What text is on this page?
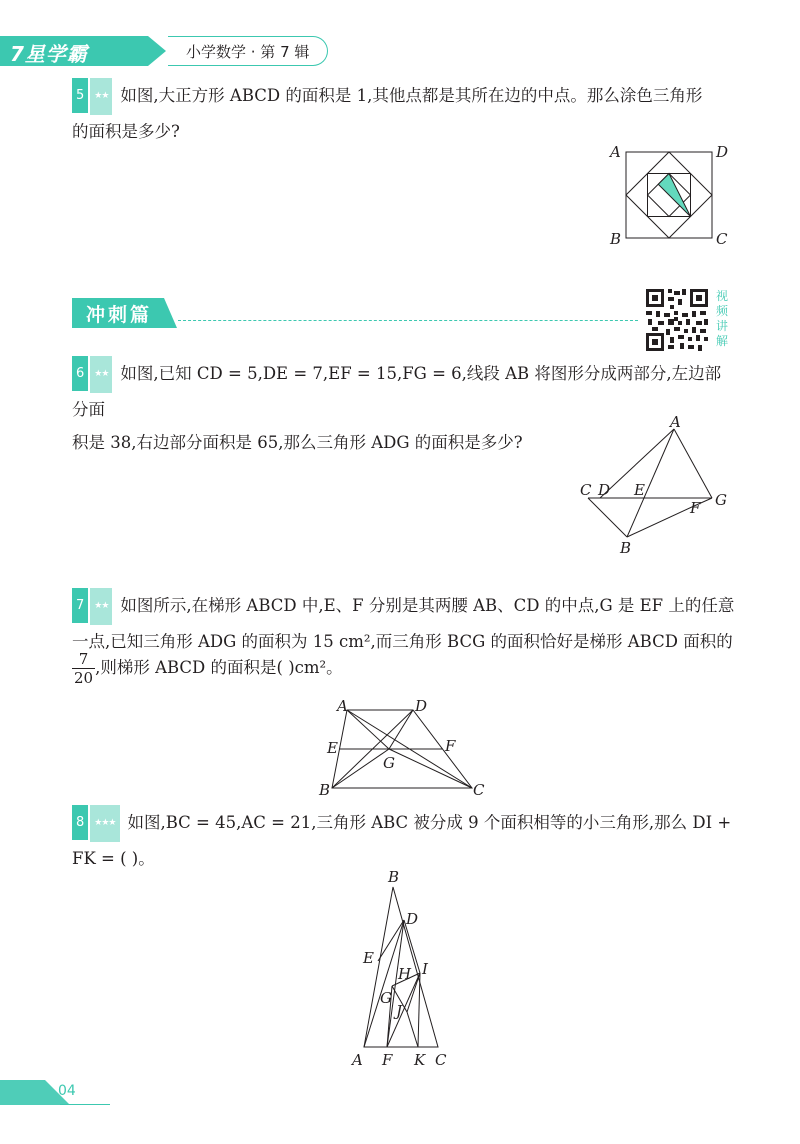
7星学霸	小学数学 · 第 7 辑
5 ★★ 如图,大正方形 ABCD 的面积是 1,其他点都是其所在边的中点。那么涂色三角形
的面积是多少?
A	D
B	C
冲刺篇
视
频
讲
解
6 ★★ 如图,已知 CD = 5,DE = 7,EF = 15,FG = 6,线段 AB 将图形分成两部分,左边部分面
积是 38,右边部分面积是 65,那么三角形 ADG 的面积是多少?
A
C D E
G
F
B
7 ★★ 如图所示,在梯形 ABCD 中,E、F 分别是其两腰 AB、CD 的中点,G 是 EF 上的任意
一点,已知三角形 ADG 的面积为 15 cm²,而三角形 BCG 的面积恰好是梯形 ABCD 面积的
$\frac{7}{20}$ ,则梯形 ABCD 的面积是( )cm²。
A	D
E	F
G
B	C
8 ★★★ 如图,BC = 45,AC = 21,三角形 ABC 被分成 9 个面积相等的小三角形,那么 DI +
FK = ( )。
B
D
E
H I
G
J
A F K C
04
